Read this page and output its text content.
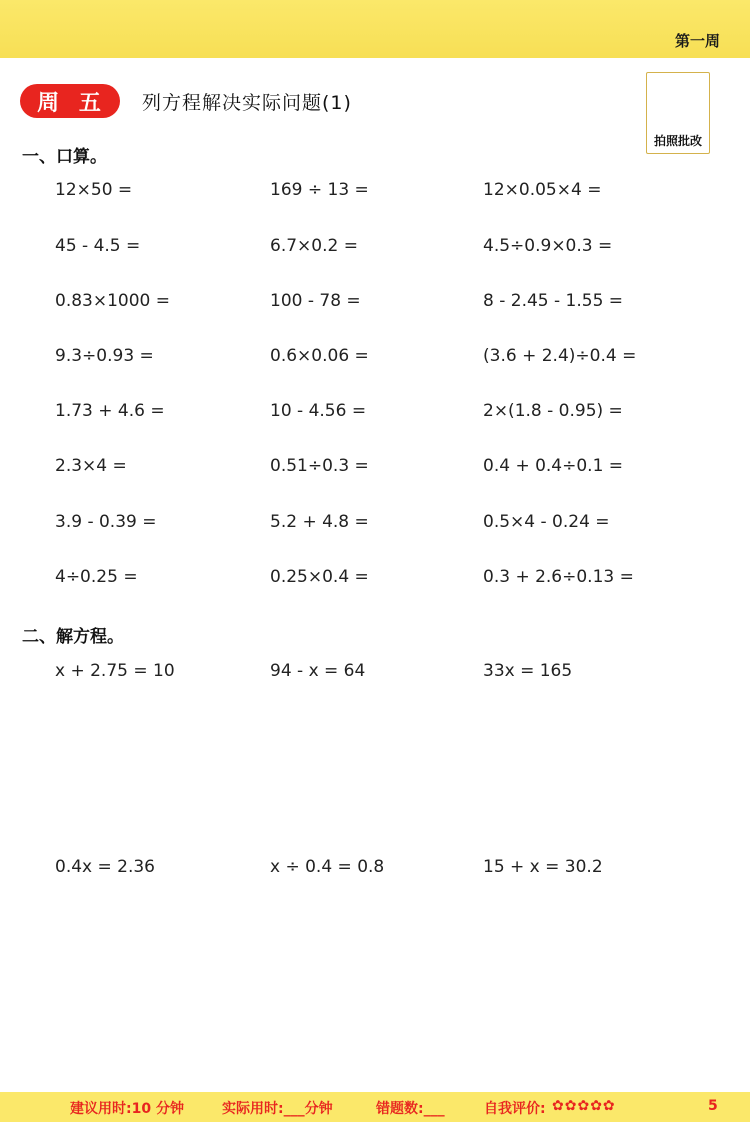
第一周
周 五	列方程解决实际问题(1)
拍照批改
一、口算。
12×50 =	169 ÷ 13 =	12×0.05×4 =
45 - 4.5 =	6.7×0.2 =	4.5÷0.9×0.3 =
0.83×1000 =	100 - 78 =	8 - 2.45 - 1.55 =
9.3÷0.93 =	0.6×0.06 =	(3.6 + 2.4)÷0.4 =
1.73 + 4.6 =	10 - 4.56 =	2×(1.8 - 0.95) =
2.3×4 =	0.51÷0.3 =	0.4 + 0.4÷0.1 =
3.9 - 0.39 =	5.2 + 4.8 =	0.5×4 - 0.24 =
4÷0.25 =	0.25×0.4 =	0.3 + 2.6÷0.13 =
二、解方程。
x + 2.75 = 10	94 - x = 64	33x = 165
0.4x = 2.36	x ÷ 0.4 = 0.8	15 + x = 30.2
建议用时:10 分钟	实际用时:___分钟	错题数:___	自我评价: ✿✿✿✿✿	5
